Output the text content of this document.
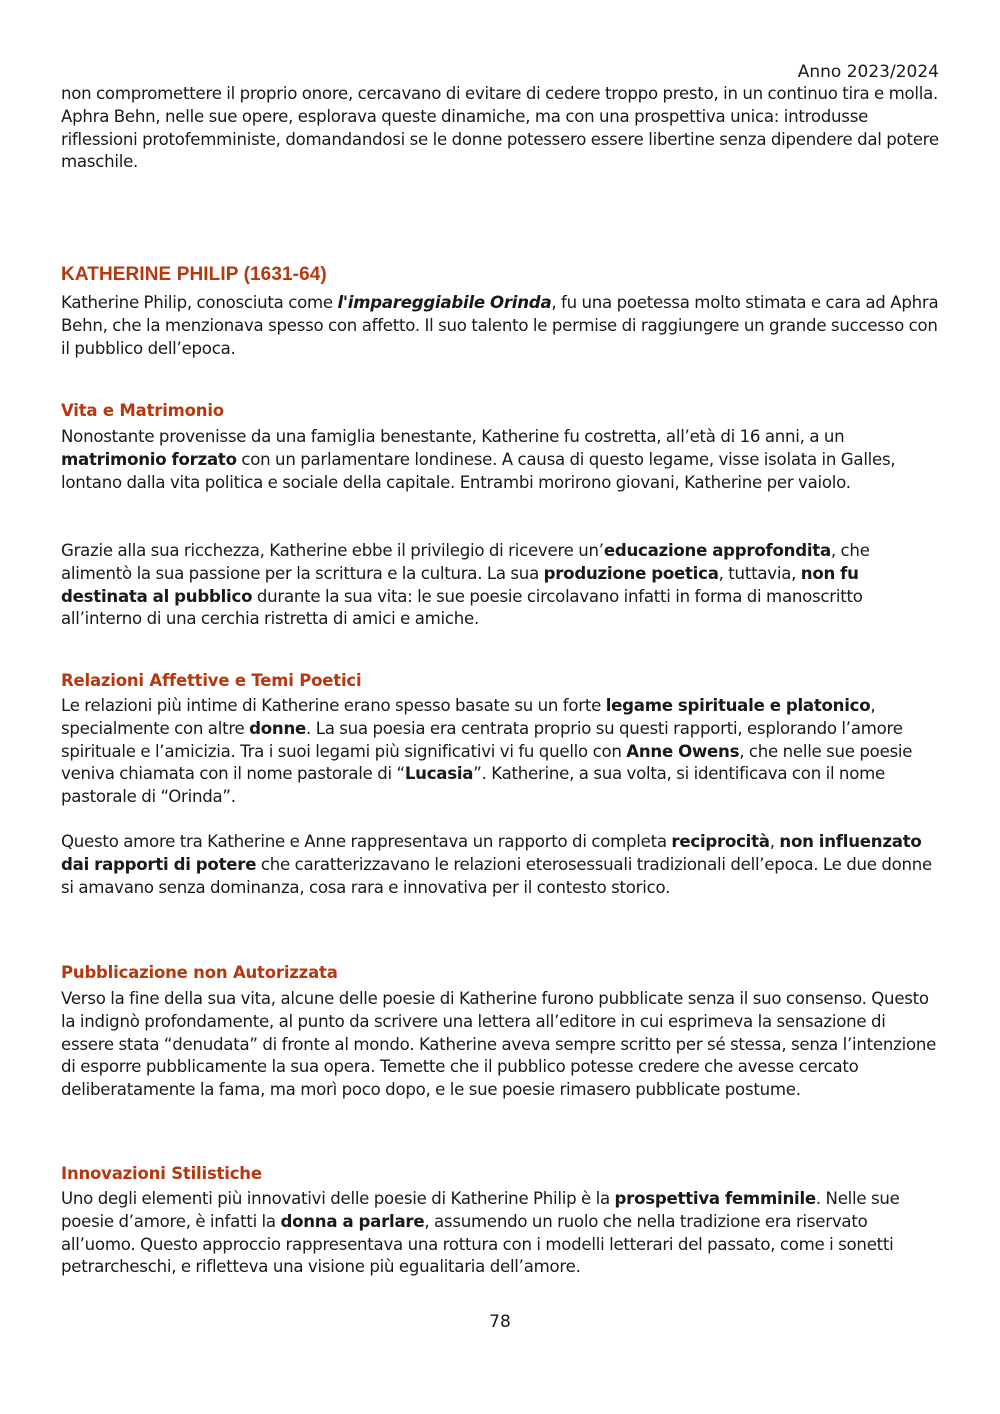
Anno 2023/2024

non compromettere il proprio onore, cercavano di evitare di cedere troppo presto, in un continuo tira e molla. Aphra Behn, nelle sue opere, esplorava queste dinamiche, ma con una prospettiva unica: introdusse riflessioni protofemministe, domandandosi se le donne potessero essere libertine senza dipendere dal potere maschile.

KATHERINE PHILIP (1631-64)

Katherine Philip, conosciuta come l'impareggiabile Orinda, fu una poetessa molto stimata e cara ad Aphra Behn, che la menzionava spesso con affetto. Il suo talento le permise di raggiungere un grande successo con il pubblico dell’epoca.

Vita e Matrimonio

Nonostante provenisse da una famiglia benestante, Katherine fu costretta, all’età di 16 anni, a un matrimonio forzato con un parlamentare londinese. A causa di questo legame, visse isolata in Galles, lontano dalla vita politica e sociale della capitale. Entrambi morirono giovani, Katherine per vaiolo.

Grazie alla sua ricchezza, Katherine ebbe il privilegio di ricevere un’educazione approfondita, che alimentò la sua passione per la scrittura e la cultura. La sua produzione poetica, tuttavia, non fu destinata al pubblico durante la sua vita: le sue poesie circolavano infatti in forma di manoscritto all’interno di una cerchia ristretta di amici e amiche.

Relazioni Affettive e Temi Poetici

Le relazioni più intime di Katherine erano spesso basate su un forte legame spirituale e platonico, specialmente con altre donne. La sua poesia era centrata proprio su questi rapporti, esplorando l’amore spirituale e l’amicizia. Tra i suoi legami più significativi vi fu quello con Anne Owens, che nelle sue poesie veniva chiamata con il nome pastorale di “Lucasia”. Katherine, a sua volta, si identificava con il nome pastorale di “Orinda”.

Questo amore tra Katherine e Anne rappresentava un rapporto di completa reciprocità, non influenzato dai rapporti di potere che caratterizzavano le relazioni eterosessuali tradizionali dell’epoca. Le due donne si amavano senza dominanza, cosa rara e innovativa per il contesto storico.

Pubblicazione non Autorizzata

Verso la fine della sua vita, alcune delle poesie di Katherine furono pubblicate senza il suo consenso. Questo la indignò profondamente, al punto da scrivere una lettera all’editore in cui esprimeva la sensazione di essere stata “denudata” di fronte al mondo. Katherine aveva sempre scritto per sé stessa, senza l’intenzione di esporre pubblicamente la sua opera. Temette che il pubblico potesse credere che avesse cercato deliberatamente la fama, ma morì poco dopo, e le sue poesie rimasero pubblicate postume.

Innovazioni Stilistiche

Uno degli elementi più innovativi delle poesie di Katherine Philip è la prospettiva femminile. Nelle sue poesie d’amore, è infatti la donna a parlare, assumendo un ruolo che nella tradizione era riservato all’uomo. Questo approccio rappresentava una rottura con i modelli letterari del passato, come i sonetti petrarcheschi, e rifletteva una visione più egualitaria dell’amore.

78
